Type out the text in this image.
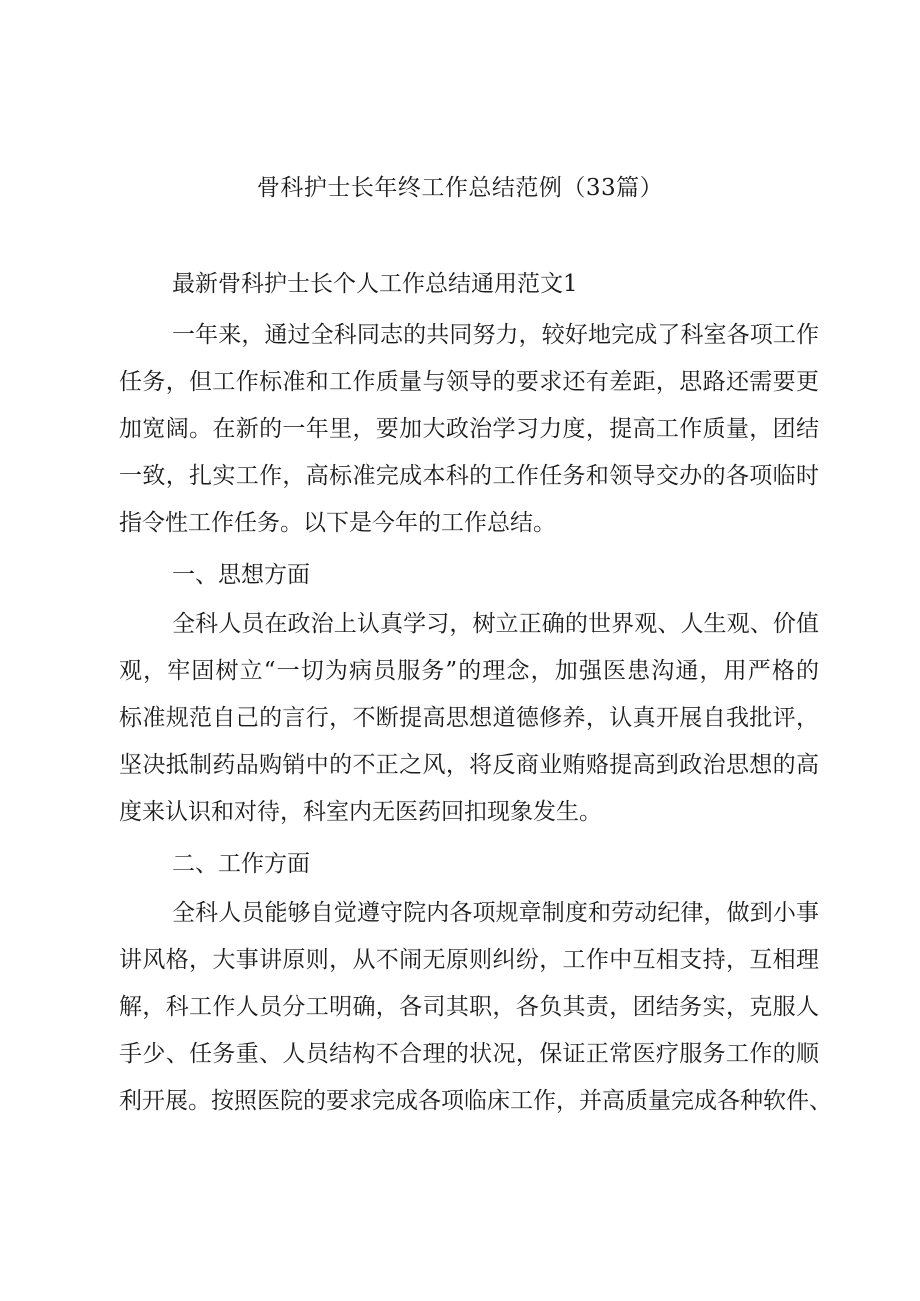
骨科护士长年终工作总结范例（33篇）
最新骨科护士长个人工作总结通用范文1
一年来，通过全科同志的共同努力，较好地完成了科室各项工作
任务，但工作标准和工作质量与领导的要求还有差距，思路还需要更
加宽阔。在新的一年里，要加大政治学习力度，提高工作质量，团结
一致，扎实工作，高标准完成本科的工作任务和领导交办的各项临时
指令性工作任务。以下是今年的工作总结。
一、思想方面
全科人员在政治上认真学习，树立正确的世界观、人生观、价值
观，牢固树立“一切为病员服务”的理念，加强医患沟通，用严格的
标准规范自己的言行，不断提高思想道德修养，认真开展自我批评，
坚决抵制药品购销中的不正之风，将反商业贿赂提高到政治思想的高
度来认识和对待，科室内无医药回扣现象发生。
二、工作方面
全科人员能够自觉遵守院内各项规章制度和劳动纪律，做到小事
讲风格，大事讲原则，从不闹无原则纠纷，工作中互相支持，互相理
解，科工作人员分工明确，各司其职，各负其责，团结务实，克服人
手少、任务重、人员结构不合理的状况，保证正常医疗服务工作的顺
利开展。按照医院的要求完成各项临床工作，并高质量完成各种软件、
